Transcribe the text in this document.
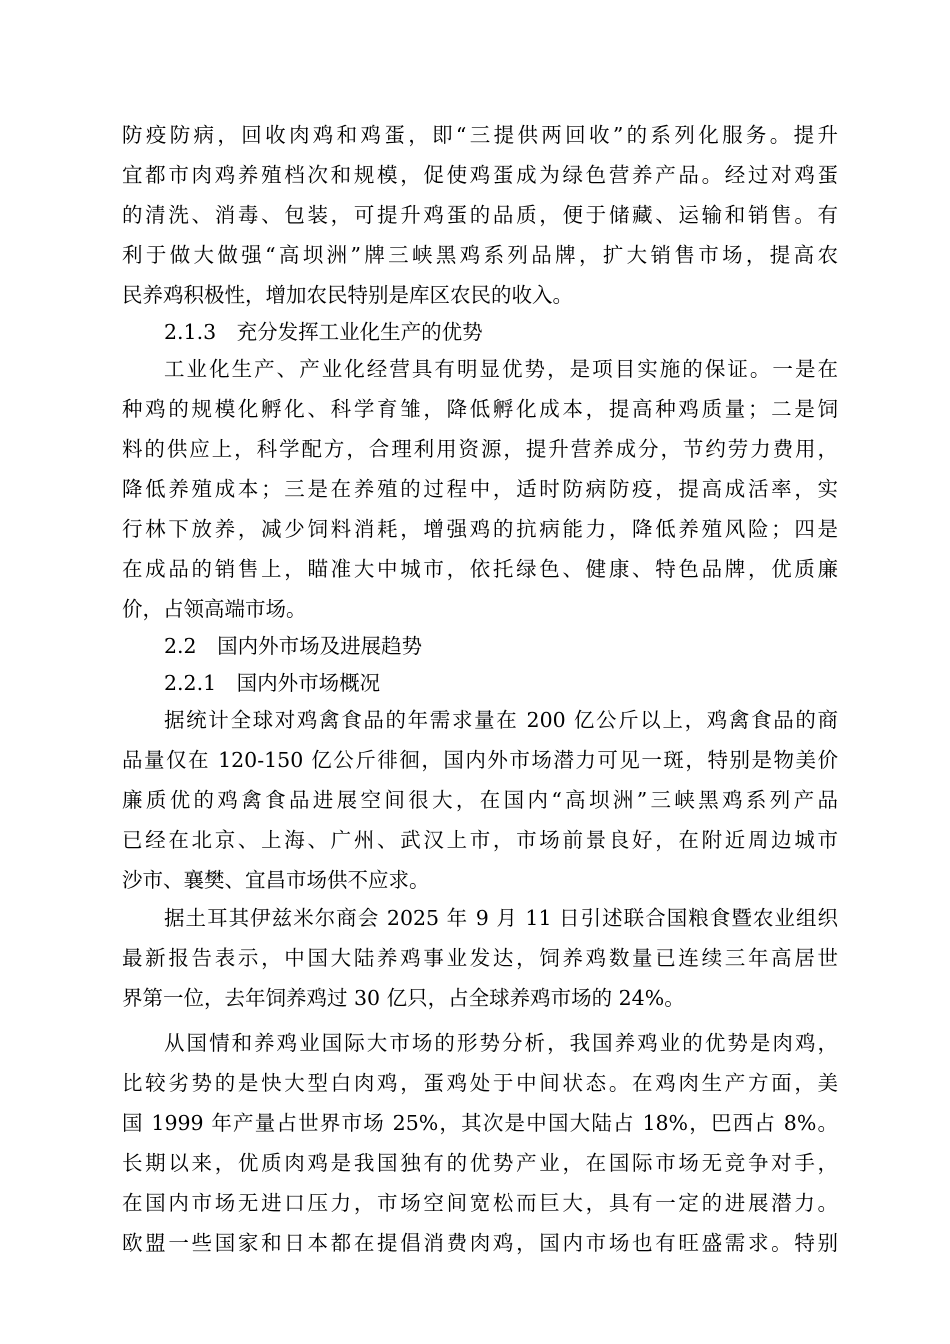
防疫防病，回收肉鸡和鸡蛋，即“三提供两回收”的系列化服务。提升
宜都市肉鸡养殖档次和规模，促使鸡蛋成为绿色营养产品。经过对鸡蛋
的清洗、消毒、包装，可提升鸡蛋的品质，便于储藏、运输和销售。有
利于做大做强“高坝洲”牌三峡黑鸡系列品牌，扩大销售市场，提高农
民养鸡积极性，增加农民特别是库区农民的收入。
2.1.3　充分发挥工业化生产的优势
工业化生产、产业化经营具有明显优势，是项目实施的保证。一是在
种鸡的规模化孵化、科学育雏，降低孵化成本，提高种鸡质量；二是饲
料的供应上，科学配方，合理利用资源，提升营养成分，节约劳力费用，
降低养殖成本；三是在养殖的过程中，适时防病防疫，提高成活率，实
行林下放养，减少饲料消耗，增强鸡的抗病能力，降低养殖风险；四是
在成品的销售上，瞄准大中城市，依托绿色、健康、特色品牌，优质廉
价，占领高端市场。
2.2　国内外市场及进展趋势
2.2.1　国内外市场概况
据统计全球对鸡禽食品的年需求量在 200 亿公斤以上，鸡禽食品的商
品量仅在 120-150 亿公斤徘徊，国内外市场潜力可见一斑，特别是物美价
廉质优的鸡禽食品进展空间很大，在国内“高坝洲”三峡黑鸡系列产品
已经在北京、上海、广州、武汉上市，市场前景良好，在附近周边城市
沙市、襄樊、宜昌市场供不应求。
据土耳其伊兹米尔商会 2025 年 9 月 11 日引述联合国粮食暨农业组织
最新报告表示，中国大陆养鸡事业发达，饲养鸡数量已连续三年高居世
界第一位，去年饲养鸡过 30 亿只，占全球养鸡市场的 24%。
从国情和养鸡业国际大市场的形势分析，我国养鸡业的优势是肉鸡，
比较劣势的是快大型白肉鸡，蛋鸡处于中间状态。在鸡肉生产方面，美
国 1999 年产量占世界市场 25%，其次是中国大陆占 18%，巴西占 8%。
长期以来，优质肉鸡是我国独有的优势产业，在国际市场无竞争对手，
在国内市场无进口压力，市场空间宽松而巨大，具有一定的进展潜力。
欧盟一些国家和日本都在提倡消费肉鸡，国内市场也有旺盛需求。特别
